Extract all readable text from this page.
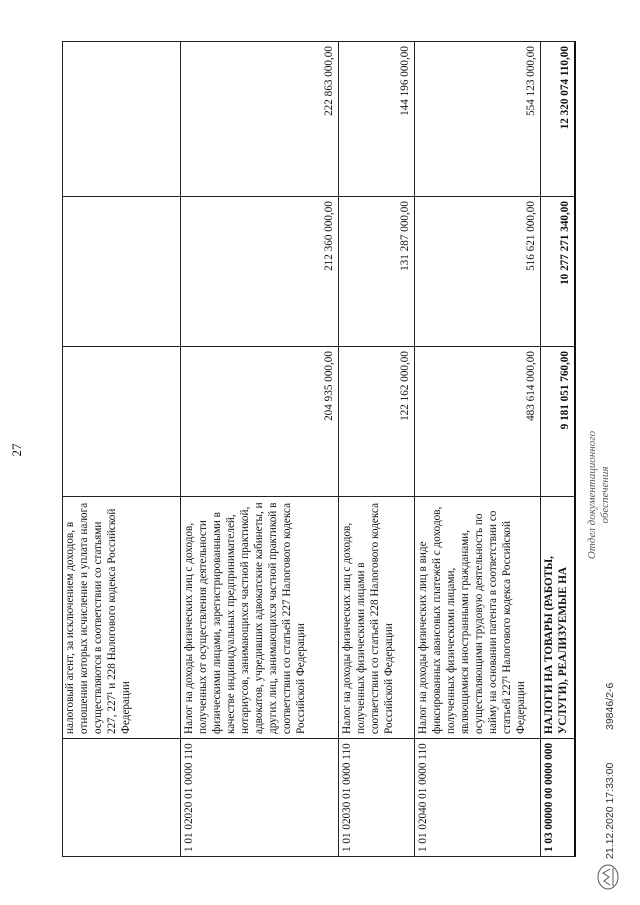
27
	налоговый агент, за исключением доходов, в отношении которых исчисление и уплата налога осуществляются в соответствии со статьями 227, 227¹ и 228 Налогового кодекса Российской Федерации			
1 01 02020 01 0000 110	Налог на доходы физических лиц с доходов, полученных от осуществления деятельности физическими лицами, зарегистрированными в качестве индивидуальных предпринимателей, нотариусов, занимающихся частной практикой, адвокатов, учредивших адвокатские кабинеты, и других лиц, занимающихся частной практикой в соответствии со статьей 227 Налогового кодекса Российской Федерации	204 935 000,00	212 360 000,00	222 863 000,00
1 01 02030 01 0000 110	Налог на доходы физических лиц с доходов, полученных физическими лицами в соответствии со статьей 228 Налогового кодекса Российской Федерации	122 162 000,00	131 287 000,00	144 196 000,00
1 01 02040 01 0000 110	Налог на доходы физических лиц в виде фиксированных авансовых платежей с доходов, полученных физическими лицами, являющимися иностранными гражданами, осуществляющими трудовую деятельность по найму на основании патента в соответствии со статьей 227¹ Налогового кодекса Российской Федерации	483 614 000,00	516 621 000,00	554 123 000,00
1 03 00000 00 0000 000	НАЛОГИ НА ТОВАРЫ (РАБОТЫ, УСЛУГИ), РЕАЛИЗУЕМЫЕ НА	9 181 051 760,00	10 277 271 340,00	12 320 074 110,00
21.12.2020 17:33:00
39846/2-6
Отдел документационного обеспечения
